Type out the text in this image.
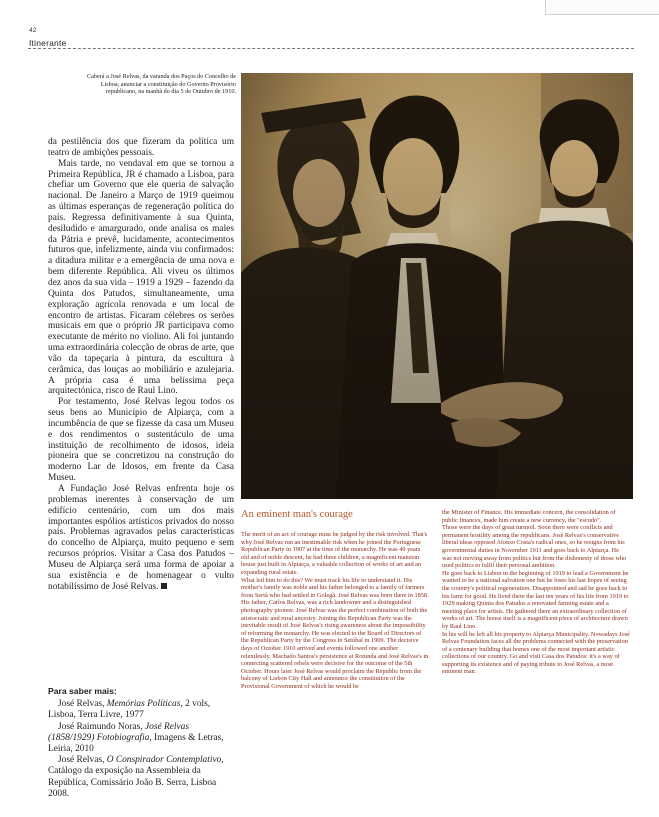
42
Itinerante
Caberá a José Relvas, da varanda dos Paços do Concelho de Lisboa, anunciar a constituição do Governo Provisório republicano, na manhã do dia 5 de Outubro de 1910.

da pestilência dos que fizeram da política um teatro de ambições pessoais.

Mais tarde, no vendaval em que se tornou a Primeira República, JR é chamado a Lisboa, para chefiar um Governo que ele queria de salvação nacional. De Janeiro a Março de 1919 queimou as últimas esperanças de regeneração política do país. Regressa definitivamente à sua Quinta, desiludido e amargurado, onde analisa os males da Pátria e prevê, lucidamente, acontecimentos futuros que, infelizmente, ainda viu confirmados: a ditadura militar e a emergência de uma nova e bem diferente República. Ali viveu os últimos dez anos da sua vida – 1919 a 1929 – fazendo da Quinta dos Patudos, simultaneamente, uma exploração agrícola renovada e um local de encontro de artistas. Ficaram célebres os serões musicais em que o próprio JR participava como executante de mérito no violino. Ali foi juntando uma extraordinária colecção de obras de arte, que vão da tapeçaria à pintura, da escultura à cerâmica, das louças ao mobiliário e azulejaria. A própria casa é uma belíssima peça arquitectónica, risco de Raul Lino.

Por testamento, José Relvas legou todos os seus bens ao Município de Alpiarça, com a incumbência de que se fizesse da casa um Museu e dos rendimentos o sustentáculo de uma instituição de recolhimento de idosos, ideia pioneira que se concretizou na construção do moderno Lar de Idosos, em frente da Casa Museu.

A Fundação José Relvas enfrenta hoje os problemas inerentes à conservação de um edifício centenário, com um dos mais importantes espólios artísticos privados do nosso país. Problemas agravados pelas características do concelho de Alpiarça, muito pequeno e sem recursos próprios. Visitar a Casa dos Patudos – Museu de Alpiarça será uma forma de apoiar a sua existência e de homenagear o vulto notabilíssimo de José Relvas.

Para saber mais:

José Relvas, Memórias Políticas, 2 vols, Lisboa, Terra Livre, 1977

José Raimundo Noras, José Relvas (1858/1929) Fotobiografia, Imagens & Letras, Leiria, 2010

José Relvas, O Conspirador Contemplativo, Catálogo da exposição na Assembleia da República, Comissário João B. Serra, Lisboa 2008.

An eminent man's courage

The merit of an act of courage must be judged by the risk involved. That's why José Relvas run an inestimable risk when he joined the Portuguese Republican Party in 1907 at the time of the monarchy. He was 49 years old and of noble descent, he had three children, a magnificent mansion house just built in Alpiarça, a valuable collection of works of art and an expanding rural estate.

What led him to do this? We must track his life to understand it. His mother's family was noble and his father belonged to a family of farmers from Sertã who had settled in Golegã. José Relvas was born there in 1858. His father, Carlos Relvas, was a rich landowner and a distinguished photography pioneer. José Relvas was the perfect combination of both the aristocratic and rural ancestry. Joining the Republican Party was the inevitable result of José Relvas's rising awareness about the impossibility of reforming the monarchy. He was elected to the Board of Directors of the Republican Party by the Congress in Setúbal in 1909. The decisive days of October 1910 arrived and events followed one another relentlessly. Machado Santos's persistence at Rotunda and José Relvas's in connecting scattered rebels were decisive for the outcome of the 5th October. Hours later José Relvas would proclaim the Republic from the balcony of Lisbon City Hall and announce the constitution of the Provisional Government of which he would be

the Minister of Finance. His immediate concern, the consolidation of public finances, made him create a new currency, the "escudo".

Those were the days of great turmoil. Soon there were conflicts and permanent hostility among the republicans. José Relvas's conservative liberal ideas opposed Afonso Costa's radical ones, so he resigns from his governmental duties in November 1911 and goes back to Alpiarça. He was not moving away from politics but from the dishonesty of those who used politics to fulfil their personal ambition.

He goes back to Lisbon in the beginning of 1919 to lead a Government he wanted to be a national salvation one but he loses his last hopes of seeing the country's political regeneration. Disappointed and sad he goes back to his farm for good. He lived there the last ten years of his life from 1919 to 1929 making Quinta dos Patudos a renovated farming estate and a meeting place for artists. He gathered there an extraordinary collection of works of art. The house itself is a magnificent piece of architecture drawn by Raul Lino.

In his will he left all his property to Alpiarça Municipality. Nowadays José Relvas Foundation faces all the problems connected with the preservation of a centenary building that homes one of the most important artistic collections of our country. Go and visit Casa dos Patudos: it's a way of supporting its existence and of paying tribute to José Relvas, a most eminent man.
